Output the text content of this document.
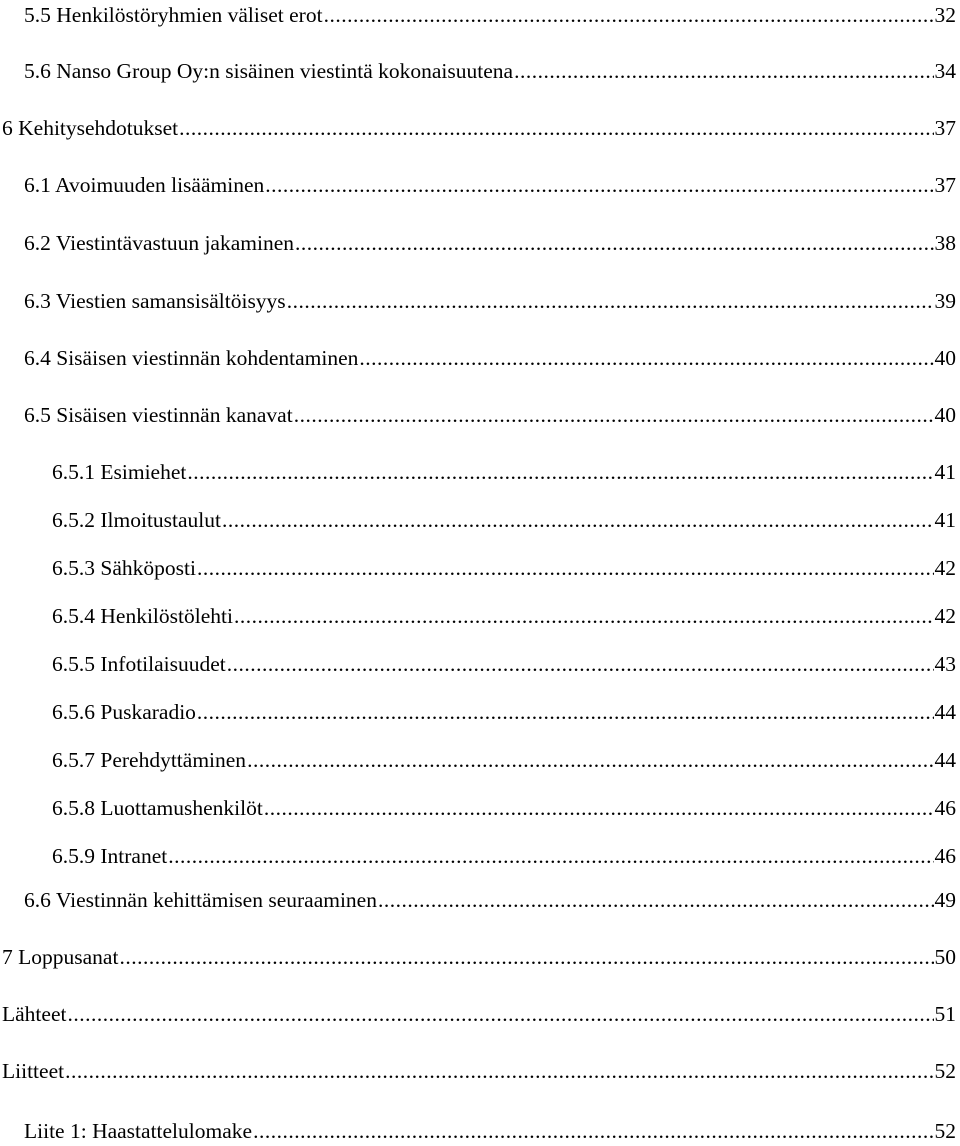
5.5 Henkilöstöryhmien väliset erot .....	32
5.6 Nanso Group Oy:n sisäinen viestintä kokonaisuutena .....	34
6 Kehitysehdotukset .....	37
6.1 Avoimuuden lisääminen .....	37
6.2 Viestintävastuun jakaminen .....	38
6.3 Viestien samansisältöisyys .....	39
6.4 Sisäisen viestinnän kohdentaminen .....	40
6.5 Sisäisen viestinnän kanavat .....	40
6.5.1 Esimiehet .....	41
6.5.2 Ilmoitustaulut .....	41
6.5.3 Sähköposti .....	42
6.5.4 Henkilöstölehti .....	42
6.5.5 Infotilaisuudet .....	43
6.5.6 Puskaradio .....	44
6.5.7 Perehdyttäminen .....	44
6.5.8 Luottamushenkilöt .....	46
6.5.9 Intranet .....	46
6.6 Viestinnän kehittämisen seuraaminen .....	49
7 Loppusanat .....	50
Lähteet .....	51
Liitteet .....	52
Liite 1: Haastattelulomake .....	52
